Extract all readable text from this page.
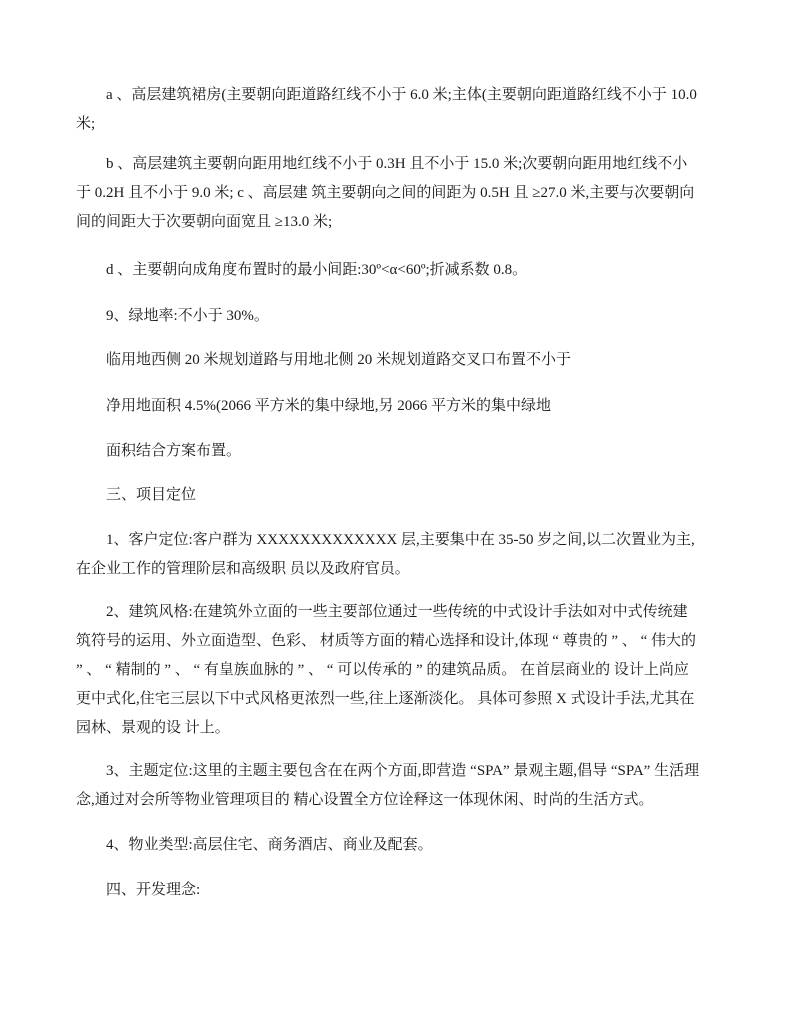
a 、高层建筑裙房(主要朝向距道路红线不小于 6.0 米;主体(主要朝向距道路红线不小于 10.0
米;

b 、高层建筑主要朝向距用地红线不小于 0.3H 且不小于 15.0 米;次要朝向距用地红线不小
于 0.2H 且不小于 9.0 米; c 、高层建 筑主要朝向之间的间距为 0.5H 且 ≥27.0 米,主要与次要朝向
间的间距大于次要朝向面宽且 ≥13.0 米;

d 、主要朝向成角度布置时的最小间距:30º<α<60º;折减系数 0.8。

9、绿地率:不小于 30%。

临用地西侧 20 米规划道路与用地北侧 20 米规划道路交叉口布置不小于

净用地面积 4.5%(2066 平方米的集中绿地,另 2066 平方米的集中绿地

面积结合方案布置。

三、项目定位

1、客户定位:客户群为 XXXXXXXXXXXXX 层,主要集中在 35-50 岁之间,以二次置业为主,
在企业工作的管理阶层和高级职 员以及政府官员。

2、建筑风格:在建筑外立面的一些主要部位通过一些传统的中式设计手法如对中式传统建
筑符号的运用、外立面造型、色彩、 材质等方面的精心选择和设计,体现 “ 尊贵的 ” 、 “ 伟大的
” 、 “ 精制的 ” 、 “ 有皇族血脉的 ” 、 “ 可以传承的 ” 的建筑品质。 在首层商业的 设计上尚应
更中式化,住宅三层以下中式风格更浓烈一些,往上逐渐淡化。 具体可参照 X 式设计手法,尤其在
园林、景观的设 计上。

3、主题定位:这里的主题主要包含在在两个方面,即营造 “SPA” 景观主题,倡导 “SPA” 生活理
念,通过对会所等物业管理项目的 精心设置全方位诠释这一体现休闲、时尚的生活方式。

4、物业类型:高层住宅、商务酒店、商业及配套。

四、开发理念:
